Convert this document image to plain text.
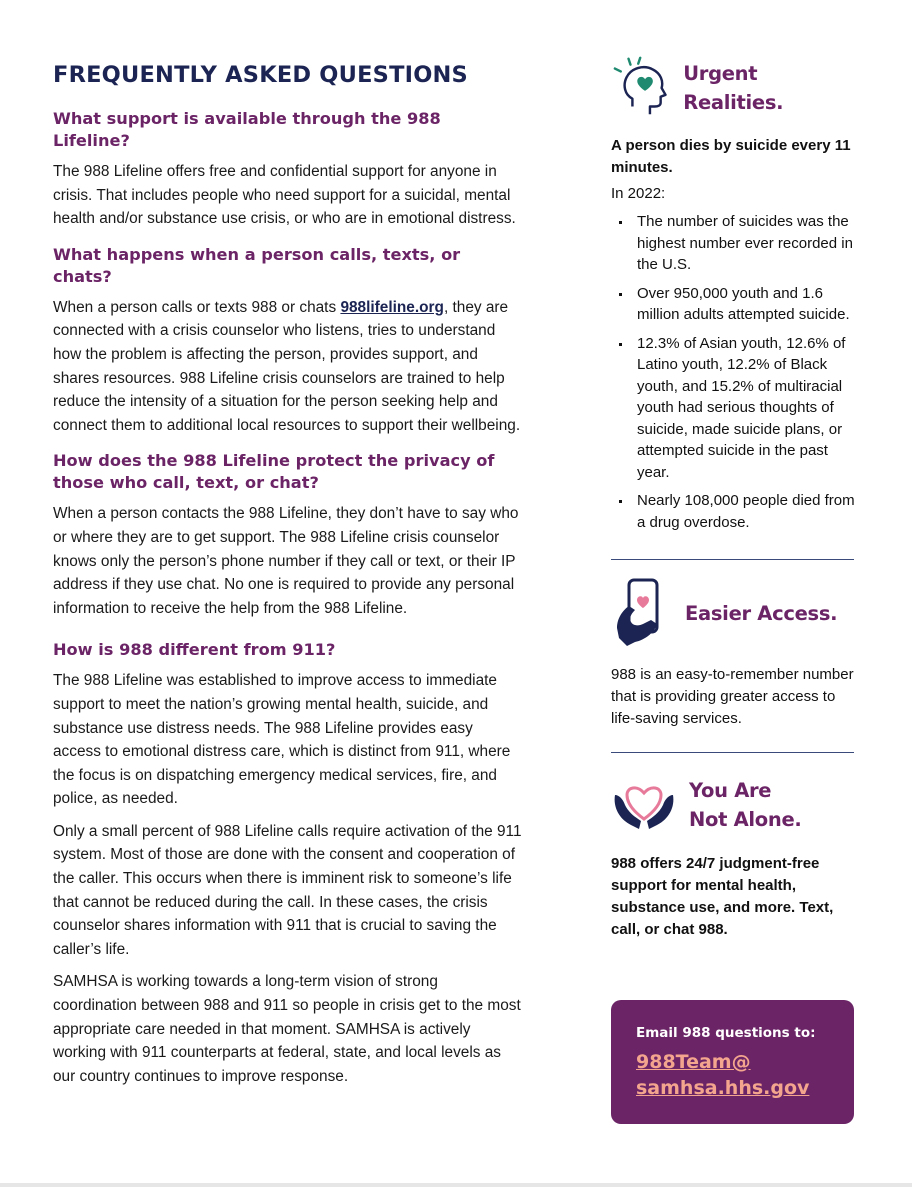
FREQUENTLY ASKED QUESTIONS
What support is available through the 988 Lifeline?
The 988 Lifeline offers free and confidential support for anyone in crisis. That includes people who need support for a suicidal, mental health and/or substance use crisis, or who are in emotional distress.
What happens when a person calls, texts, or chats?
When a person calls or texts 988 or chats 988lifeline.org, they are connected with a crisis counselor who listens, tries to understand how the problem is affecting the person, provides support, and shares resources. 988 Lifeline crisis counselors are trained to help reduce the intensity of a situation for the person seeking help and connect them to additional local resources to support their wellbeing.
How does the 988 Lifeline protect the privacy of those who call, text, or chat?
When a person contacts the 988 Lifeline, they don’t have to say who or where they are to get support. The 988 Lifeline crisis counselor knows only the person’s phone number if they call or text, or their IP address if they use chat. No one is required to provide any personal information to receive the help from the 988 Lifeline.
How is 988 different from 911?
The 988 Lifeline was established to improve access to immediate support to meet the nation’s growing mental health, suicide, and substance use distress needs. The 988 Lifeline provides easy access to emotional distress care, which is distinct from 911, where the focus is on dispatching emergency medical services, fire, and police, as needed.
Only a small percent of 988 Lifeline calls require activation of the 911 system. Most of those are done with the consent and cooperation of the caller. This occurs when there is imminent risk to someone’s life that cannot be reduced during the call. In these cases, the crisis counselor shares information with 911 that is crucial to saving the caller’s life.
SAMHSA is working towards a long-term vision of strong coordination between 988 and 911 so people in crisis get to the most appropriate care needed in that moment. SAMHSA is actively working with 911 counterparts at federal, state, and local levels as our country continues to improve response.
Urgent Realities.
A person dies by suicide every 11 minutes.
In 2022:
The number of suicides was the highest number ever recorded in the U.S.
Over 950,000 youth and 1.6 million adults attempted suicide.
12.3% of Asian youth, 12.6% of Latino youth, 12.2% of Black youth, and 15.2% of multiracial youth had serious thoughts of suicide, made suicide plans, or attempted suicide in the past year.
Nearly 108,000 people died from a drug overdose.
Easier Access.
988 is an easy-to-remember number that is providing greater access to life-saving services.
You Are
Not Alone.
988 offers 24/7 judgment-free support for mental health, substance use, and more. Text, call, or chat 988.
Email 988 questions to:
988Team@
samhsa.hhs.gov
